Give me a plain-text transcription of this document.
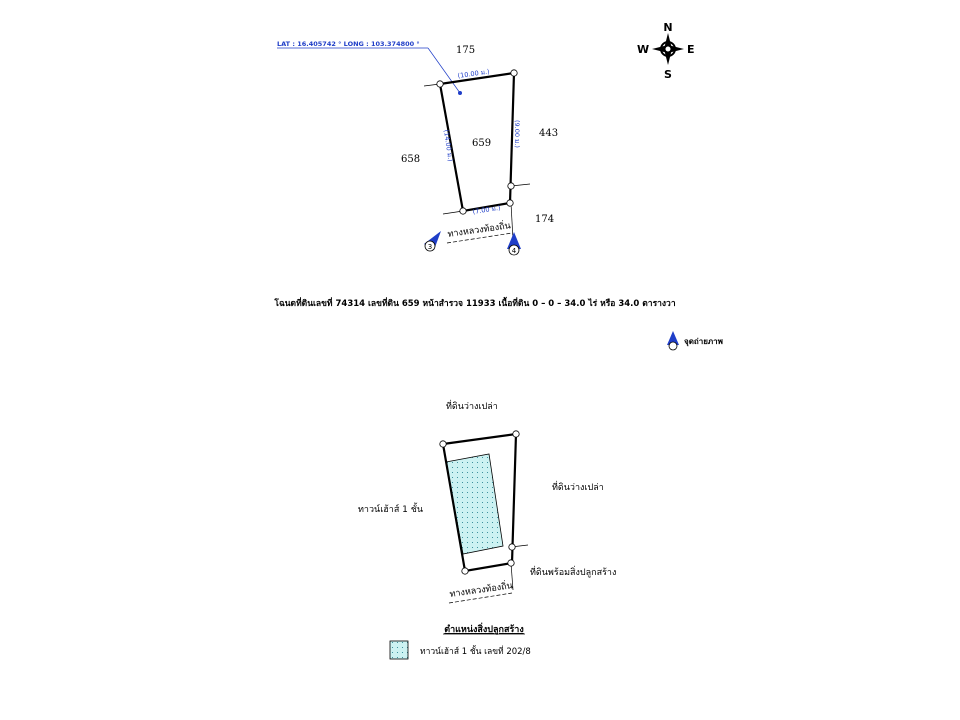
LAT : 16.405742 ° LONG : 103.374800 °
(10.00 ม.)
(14.00 ม.)	(9.00 ม.)
(7.00 ม.)
175
659
443
658
174
ทางหลวงท้องถิ่น
3	4
N
S
E
W
โฉนดที่ดินเลขที่ 74314 เลขที่ดิน 659 หน้าสำรวจ 11933 เนื้อที่ดิน 0 – 0 – 34.0 ไร่ หรือ 34.0 ตารางวา
จุดถ่ายภาพ
ที่ดินว่างเปล่า
ที่ดินว่างเปล่า
ทาวน์เฮ้าส์ 1 ชั้น
ที่ดินพร้อมสิ่งปลูกสร้าง
ทางหลวงท้องถิ่น
ตำแหน่งสิ่งปลูกสร้าง
ทาวน์เฮ้าส์ 1 ชั้น เลขที่ 202/8
